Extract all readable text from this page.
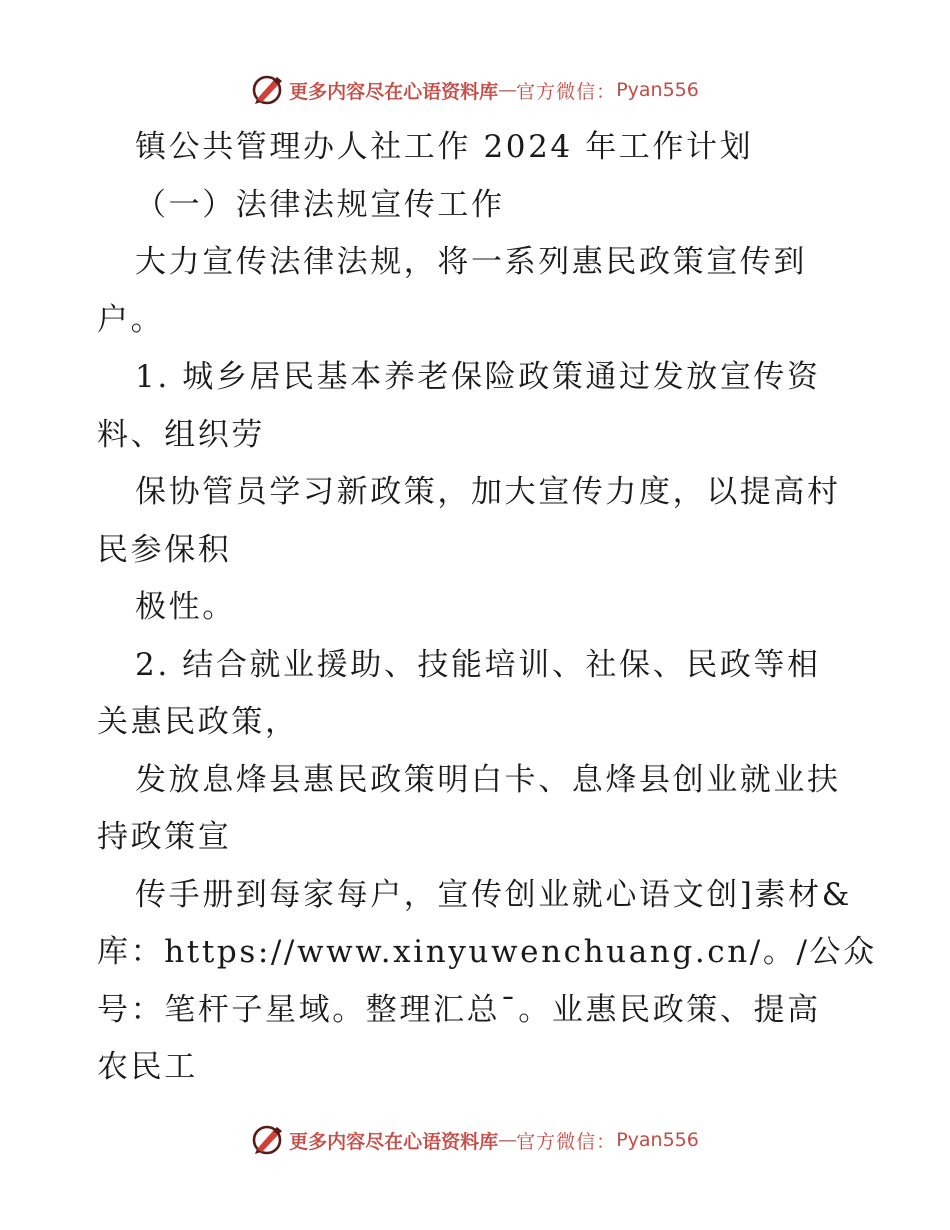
更多内容尽在心语资料库 — 官方微信： Pyan556
镇公共管理办人社工作 2024 年工作计划
（一）法律法规宣传工作
大力宣传法律法规，将一系列惠民政策宣传到
户。
1. 城乡居民基本养老保险政策通过发放宣传资
料、组织劳
保协管员学习新政策，加大宣传力度，以提高村
民参保积
极性。
2. 结合就业援助、技能培训、社保、民政等相
关惠民政策，
发放息烽县惠民政策明白卡、息烽县创业就业扶
持政策宣
传手册到每家每户，宣传创业就心语文创]素材&
库：https://www.xinyuwenchuang.cn/。/公众
号：笔杆子星域。整理汇总¯。业惠民政策、提高
农民工
更多内容尽在心语资料库 — 官方微信： Pyan556
